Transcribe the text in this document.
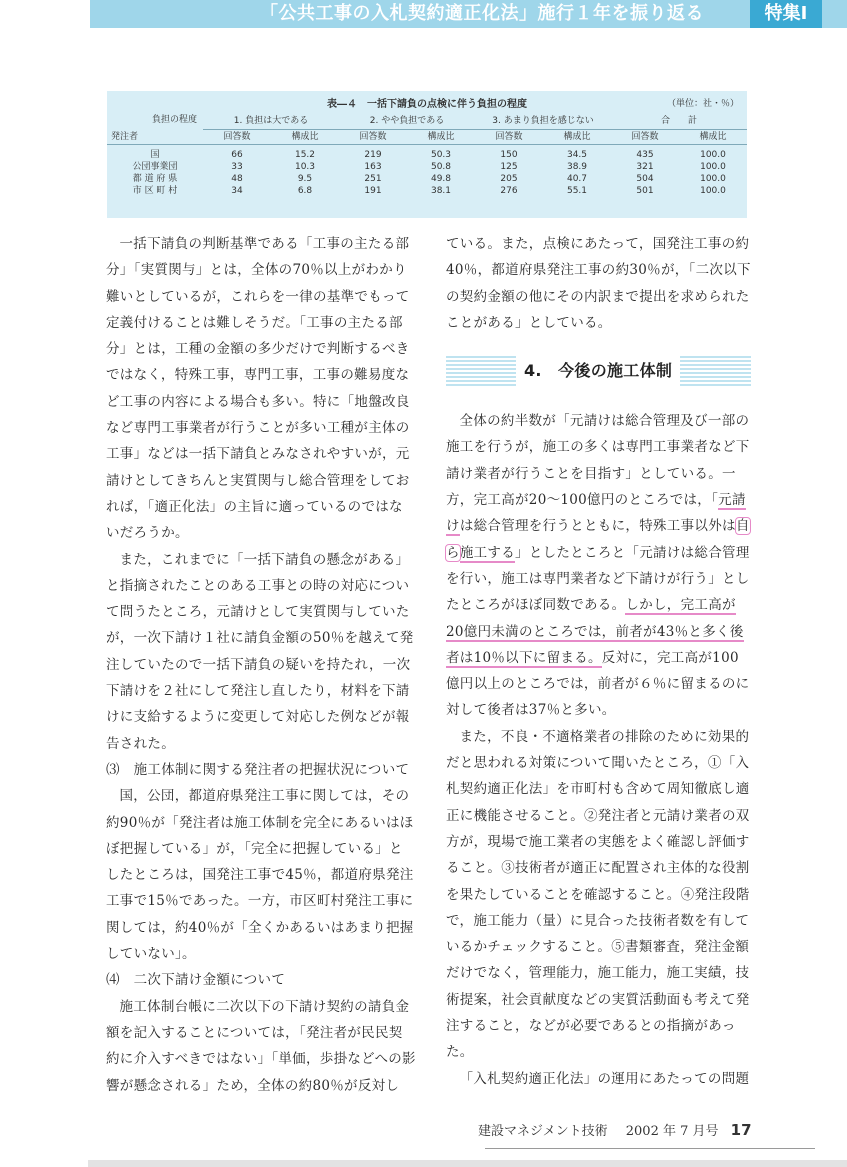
「公共工事の入札契約適正化法」施行１年を振り返る	特集Ⅰ
表―４　一括下請負の点検に伴う負担の程度	（単位：社・％）
負担の程度
発注者	1. 負担は大である		2. やや負担である		3. あまり負担を感じない		合　　計	
	回答数	構成比	回答数	構成比	回答数	構成比	回答数	構成比
国	66	15.2	219	50.3	150	34.5	435	100.0
公団事業団	33	10.3	163	50.8	125	38.9	321	100.0
都 道 府 県	48	9.5	251	49.8	205	40.7	504	100.0
市 区 町 村	34	6.8	191	38.1	276	55.1	501	100.0

一括下請負の判断基準である「工事の主たる部分」「実質関与」とは，全体の70％以上がわかり難いとしているが，これらを一律の基準でもって定義付けることは難しそうだ。「工事の主たる部分」とは，工種の金額の多少だけで判断するべきではなく，特殊工事，専門工事，工事の難易度など工事の内容による場合も多い。特に「地盤改良など専門工事業者が行うことが多い工種が主体の工事」などは一括下請負とみなされやすいが，元請けとしてきちんと実質関与し総合管理をしておれば，「適正化法」の主旨に適っているのではないだろうか。

また，これまでに「一括下請負の懸念がある」と指摘されたことのある工事との時の対応について問うたところ，元請けとして実質関与していたが，一次下請け１社に請負金額の50％を越えて発注していたので一括下請負の疑いを持たれ，一次下請けを２社にして発注し直したり，材料を下請けに支給するように変更して対応した例などが報告された。

⑶　施工体制に関する発注者の把握状況について

国，公団，都道府県発注工事に関しては，その約90％が「発注者は施工体制を完全にあるいはほぼ把握している」が，「完全に把握している」としたところは，国発注工事で45％，都道府県発注工事で15％であった。一方，市区町村発注工事に関しては，約40％が「全くかあるいはあまり把握していない」。

⑷　二次下請け金額について

施工体制台帳に二次以下の下請け契約の請負金額を記入することについては，「発注者が民民契約に介入すべきではない」「単価，歩掛などへの影響が懸念される」ため，全体の約80％が反対し

ている。また，点検にあたって，国発注工事の約40％，都道府県発注工事の約30％が，「二次以下の契約金額の他にその内訳まで提出を求められたことがある」としている。

4.　今後の施工体制

全体の約半数が「元請けは総合管理及び一部の施工を行うが，施工の多くは専門工事業者など下請け業者が行うことを目指す」としている。一方，完工高が20～100億円のところでは，「元請けは総合管理を行うとともに，特殊工事以外は自ら施工する」としたところと「元請けは総合管理を行い，施工は専門業者など下請けが行う」としたところがほぼ同数である。しかし，完工高が20億円未満のところでは，前者が43％と多く後者は10％以下に留まる。反対に，完工高が100億円以上のところでは，前者が６％に留まるのに対して後者は37％と多い。

また，不良・不適格業者の排除のために効果的だと思われる対策について聞いたところ，①「入札契約適正化法」を市町村も含めて周知徹底し適正に機能させること。②発注者と元請け業者の双方が，現場で施工業者の実態をよく確認し評価すること。③技術者が適正に配置され主体的な役割を果たしていることを確認すること。④発注段階で，施工能力（量）に見合った技術者数を有しているかチェックすること。⑤書類審査，発注金額だけでなく，管理能力，施工能力，施工実績，技術提案，社会貢献度などの実質活動面も考えて発注すること，などが必要であるとの指摘があった。

「入札契約適正化法」の運用にあたっての問題

建設マネジメント技術 2002 年 7 月号 17
